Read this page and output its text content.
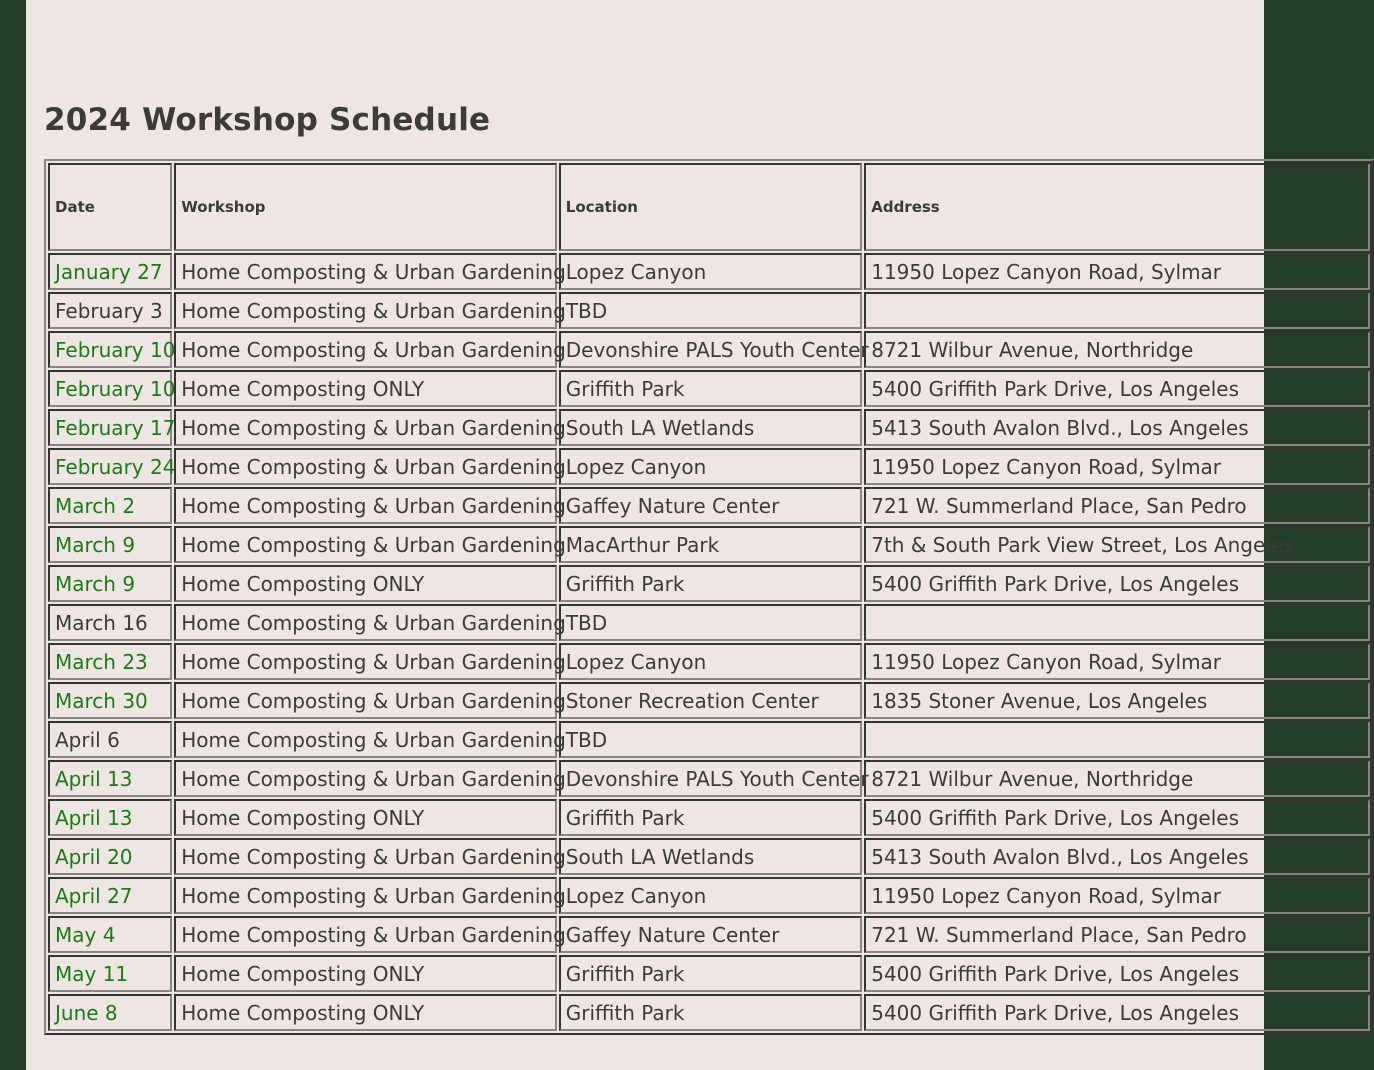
2024 Workshop Schedule
Date	Workshop	Location	Address
January 27	Home Composting & Urban Gardening	Lopez Canyon	11950 Lopez Canyon Road, Sylmar
February 3	Home Composting & Urban Gardening	TBD	
February 10	Home Composting & Urban Gardening	Devonshire PALS Youth Center	8721 Wilbur Avenue, Northridge
February 10	Home Composting ONLY	Griffith Park	5400 Griffith Park Drive, Los Angeles
February 17	Home Composting & Urban Gardening	South LA Wetlands	5413 South Avalon Blvd., Los Angeles
February 24	Home Composting & Urban Gardening	Lopez Canyon	11950 Lopez Canyon Road, Sylmar
March 2	Home Composting & Urban Gardening	Gaffey Nature Center	721 W. Summerland Place, San Pedro
March 9	Home Composting & Urban Gardening	MacArthur Park	7th & South Park View Street, Los Angeles
March 9	Home Composting ONLY	Griffith Park	5400 Griffith Park Drive, Los Angeles
March 16	Home Composting & Urban Gardening	TBD	
March 23	Home Composting & Urban Gardening	Lopez Canyon	11950 Lopez Canyon Road, Sylmar
March 30	Home Composting & Urban Gardening	Stoner Recreation Center	1835 Stoner Avenue, Los Angeles
April 6	Home Composting & Urban Gardening	TBD	
April 13	Home Composting & Urban Gardening	Devonshire PALS Youth Center	8721 Wilbur Avenue, Northridge
April 13	Home Composting ONLY	Griffith Park	5400 Griffith Park Drive, Los Angeles
April 20	Home Composting & Urban Gardening	South LA Wetlands	5413 South Avalon Blvd., Los Angeles
April 27	Home Composting & Urban Gardening	Lopez Canyon	11950 Lopez Canyon Road, Sylmar
May 4	Home Composting & Urban Gardening	Gaffey Nature Center	721 W. Summerland Place, San Pedro
May 11	Home Composting ONLY	Griffith Park	5400 Griffith Park Drive, Los Angeles
June 8	Home Composting ONLY	Griffith Park	5400 Griffith Park Drive, Los Angeles
